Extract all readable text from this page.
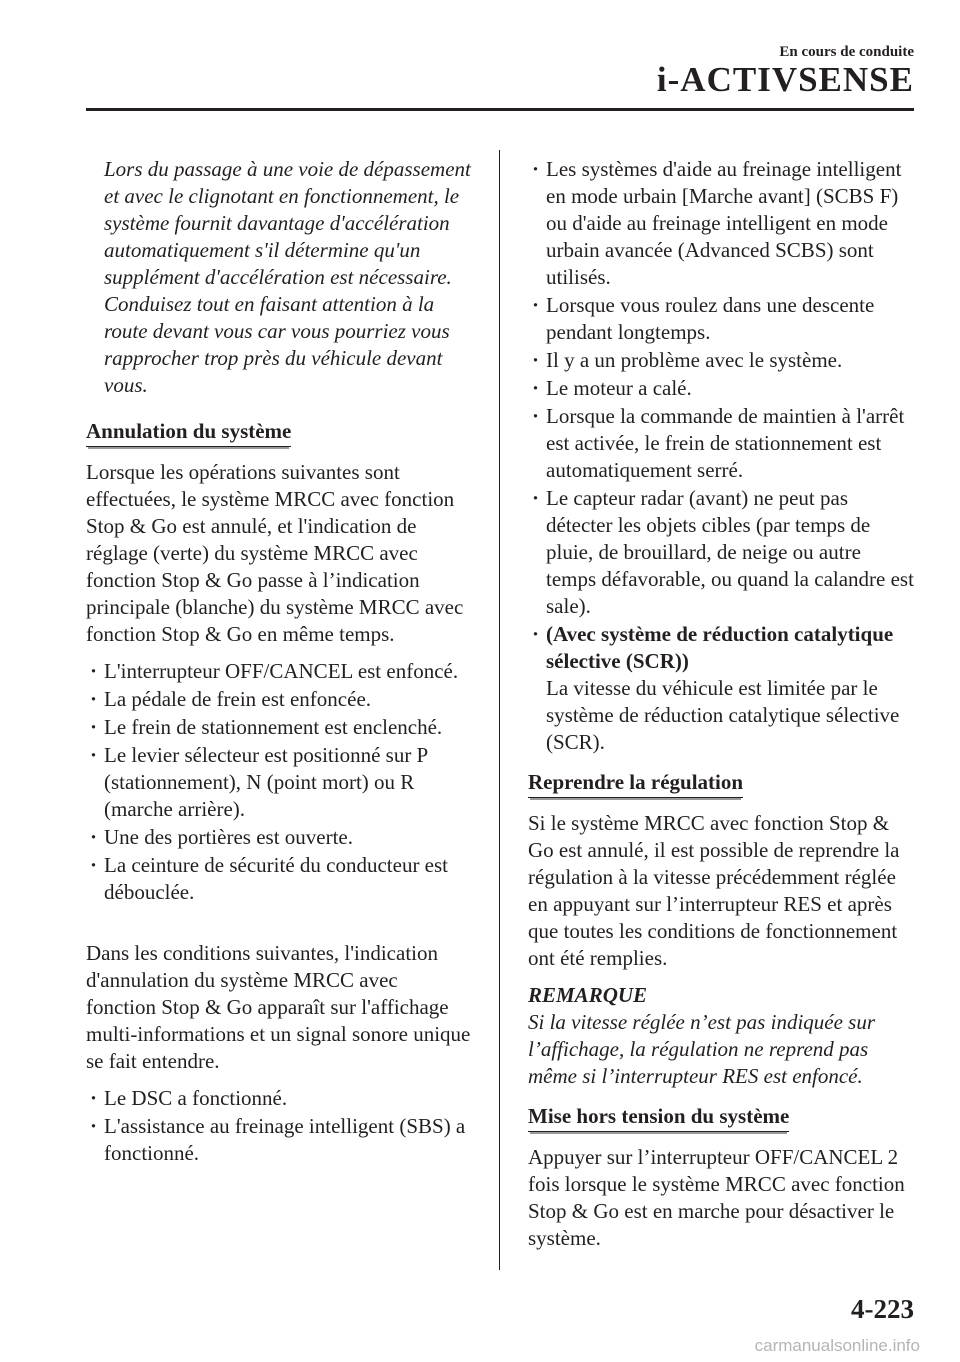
En cours de conduite
i-ACTIVSENSE

Lors du passage à une voie de dépassement et avec le clignotant en fonctionnement, le système fournit davantage d'accélération automatiquement s'il détermine qu'un supplément d'accélération est nécessaire. Conduisez tout en faisant attention à la route devant vous car vous pourriez vous rapprocher trop près du véhicule devant vous.

Annulation du système

Lorsque les opérations suivantes sont effectuées, le système MRCC avec fonction Stop & Go est annulé, et l'indication de réglage (verte) du système MRCC avec fonction Stop & Go passe à l’indication principale (blanche) du système MRCC avec fonction Stop & Go en même temps.

· L'interrupteur OFF/CANCEL est enfoncé.
· La pédale de frein est enfoncée.
· Le frein de stationnement est enclenché.
· Le levier sélecteur est positionné sur P (stationnement), N (point mort) ou R (marche arrière).
· Une des portières est ouverte.
· La ceinture de sécurité du conducteur est débouclée.

Dans les conditions suivantes, l'indication d'annulation du système MRCC avec fonction Stop & Go apparaît sur l'affichage multi-informations et un signal sonore unique se fait entendre.

· Le DSC a fonctionné.
· L'assistance au freinage intelligent (SBS) a fonctionné.
· Les systèmes d'aide au freinage intelligent en mode urbain [Marche avant] (SCBS F) ou d'aide au freinage intelligent en mode urbain avancée (Advanced SCBS) sont utilisés.
· Lorsque vous roulez dans une descente pendant longtemps.
· Il y a un problème avec le système.
· Le moteur a calé.
· Lorsque la commande de maintien à l'arrêt est activée, le frein de stationnement est automatiquement serré.
· Le capteur radar (avant) ne peut pas détecter les objets cibles (par temps de pluie, de brouillard, de neige ou autre temps défavorable, ou quand la calandre est sale).
· (Avec système de réduction catalytique sélective (SCR))
La vitesse du véhicule est limitée par le système de réduction catalytique sélective (SCR).
Reprendre la régulation

Si le système MRCC avec fonction Stop & Go est annulé, il est possible de reprendre la régulation à la vitesse précédemment réglée en appuyant sur l’interrupteur RES et après que toutes les conditions de fonctionnement ont été remplies.

REMARQUE
Si la vitesse réglée n’est pas indiquée sur l’affichage, la régulation ne reprend pas même si l’interrupteur RES est enfoncé.

Mise hors tension du système

Appuyer sur l’interrupteur OFF/CANCEL 2 fois lorsque le système MRCC avec fonction Stop & Go est en marche pour désactiver le système.

4-223
carmanualsonline.info
